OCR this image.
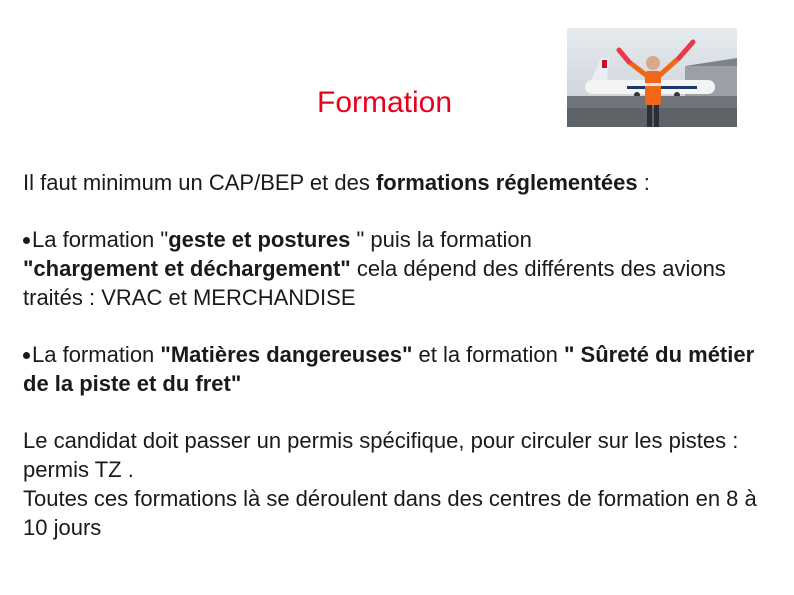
Formation

Il faut minimum un CAP/BEP et des formations réglementées :

La formation "geste et postures " puis la formation
"chargement et déchargement" cela dépend des différents des avions traités : VRAC et MERCHANDISE

La formation "Matières dangereuses" et la formation " Sûreté du métier de la piste et du fret"

Le candidat doit passer un permis spécifique, pour circuler sur les pistes : permis TZ .
Toutes ces formations là se déroulent dans des centres de formation en 8 à 10 jours
